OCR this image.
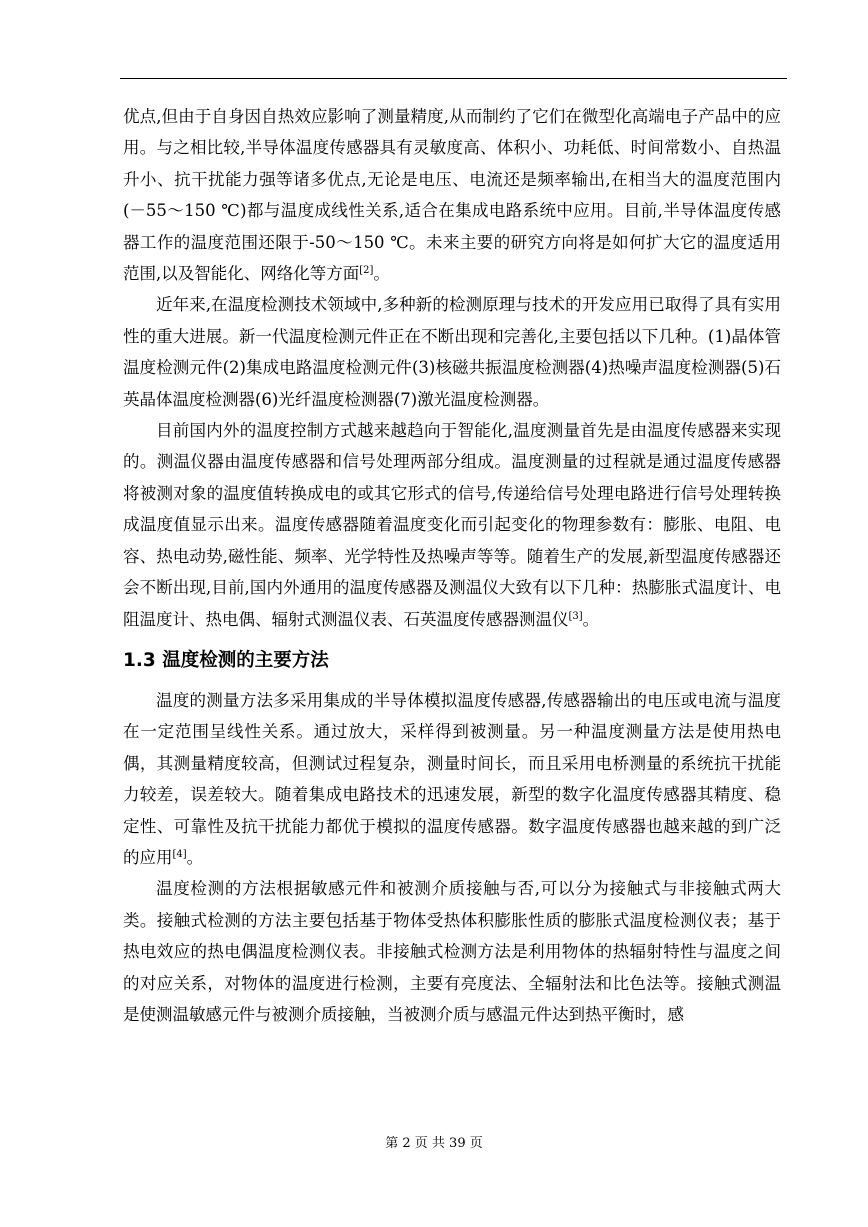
优点,但由于自身因自热效应影响了测量精度,从而制约了它们在微型化高端电子产品中的应用。与之相比较,半导体温度传感器具有灵敏度高、体积小、功耗低、时间常数小、自热温升小、抗干扰能力强等诸多优点,无论是电压、电流还是频率输出,在相当大的温度范围内(－55～150 ℃)都与温度成线性关系,适合在集成电路系统中应用。目前,半导体温度传感器工作的温度范围还限于-50～150 ℃。未来主要的研究方向将是如何扩大它的温度适用范围,以及智能化、网络化等方面[2]。

近年来,在温度检测技术领域中,多种新的检测原理与技术的开发应用已取得了具有实用性的重大进展。新一代温度检测元件正在不断出现和完善化,主要包括以下几种。(1)晶体管温度检测元件(2)集成电路温度检测元件(3)核磁共振温度检测器(4)热噪声温度检测器(5)石英晶体温度检测器(6)光纤温度检测器(7)激光温度检测器。

目前国内外的温度控制方式越来越趋向于智能化,温度测量首先是由温度传感器来实现的。测温仪器由温度传感器和信号处理两部分组成。温度测量的过程就是通过温度传感器将被测对象的温度值转换成电的或其它形式的信号,传递给信号处理电路进行信号处理转换成温度值显示出来。温度传感器随着温度变化而引起变化的物理参数有：膨胀、电阻、电容、热电动势,磁性能、频率、光学特性及热噪声等等。随着生产的发展,新型温度传感器还会不断出现,目前,国内外通用的温度传感器及测温仪大致有以下几种：热膨胀式温度计、电阻温度计、热电偶、辐射式测温仪表、石英温度传感器测温仪[3]。

1.3 温度检测的主要方法

温度的测量方法多采用集成的半导体模拟温度传感器,传感器输出的电压或电流与温度在一定范围呈线性关系。通过放大，采样得到被测量。另一种温度测量方法是使用热电偶，其测量精度较高，但测试过程复杂，测量时间长，而且采用电桥测量的系统抗干扰能力较差，误差较大。随着集成电路技术的迅速发展，新型的数字化温度传感器其精度、稳定性、可靠性及抗干扰能力都优于模拟的温度传感器。数字温度传感器也越来越的到广泛的应用[4]。

温度检测的方法根据敏感元件和被测介质接触与否,可以分为接触式与非接触式两大类。接触式检测的方法主要包括基于物体受热体积膨胀性质的膨胀式温度检测仪表；基于热电效应的热电偶温度检测仪表。非接触式检测方法是利用物体的热辐射特性与温度之间的对应关系，对物体的温度进行检测，主要有亮度法、全辐射法和比色法等。接触式测温是使测温敏感元件与被测介质接触，当被测介质与感温元件达到热平衡时，感

第 2 页 共 39 页
